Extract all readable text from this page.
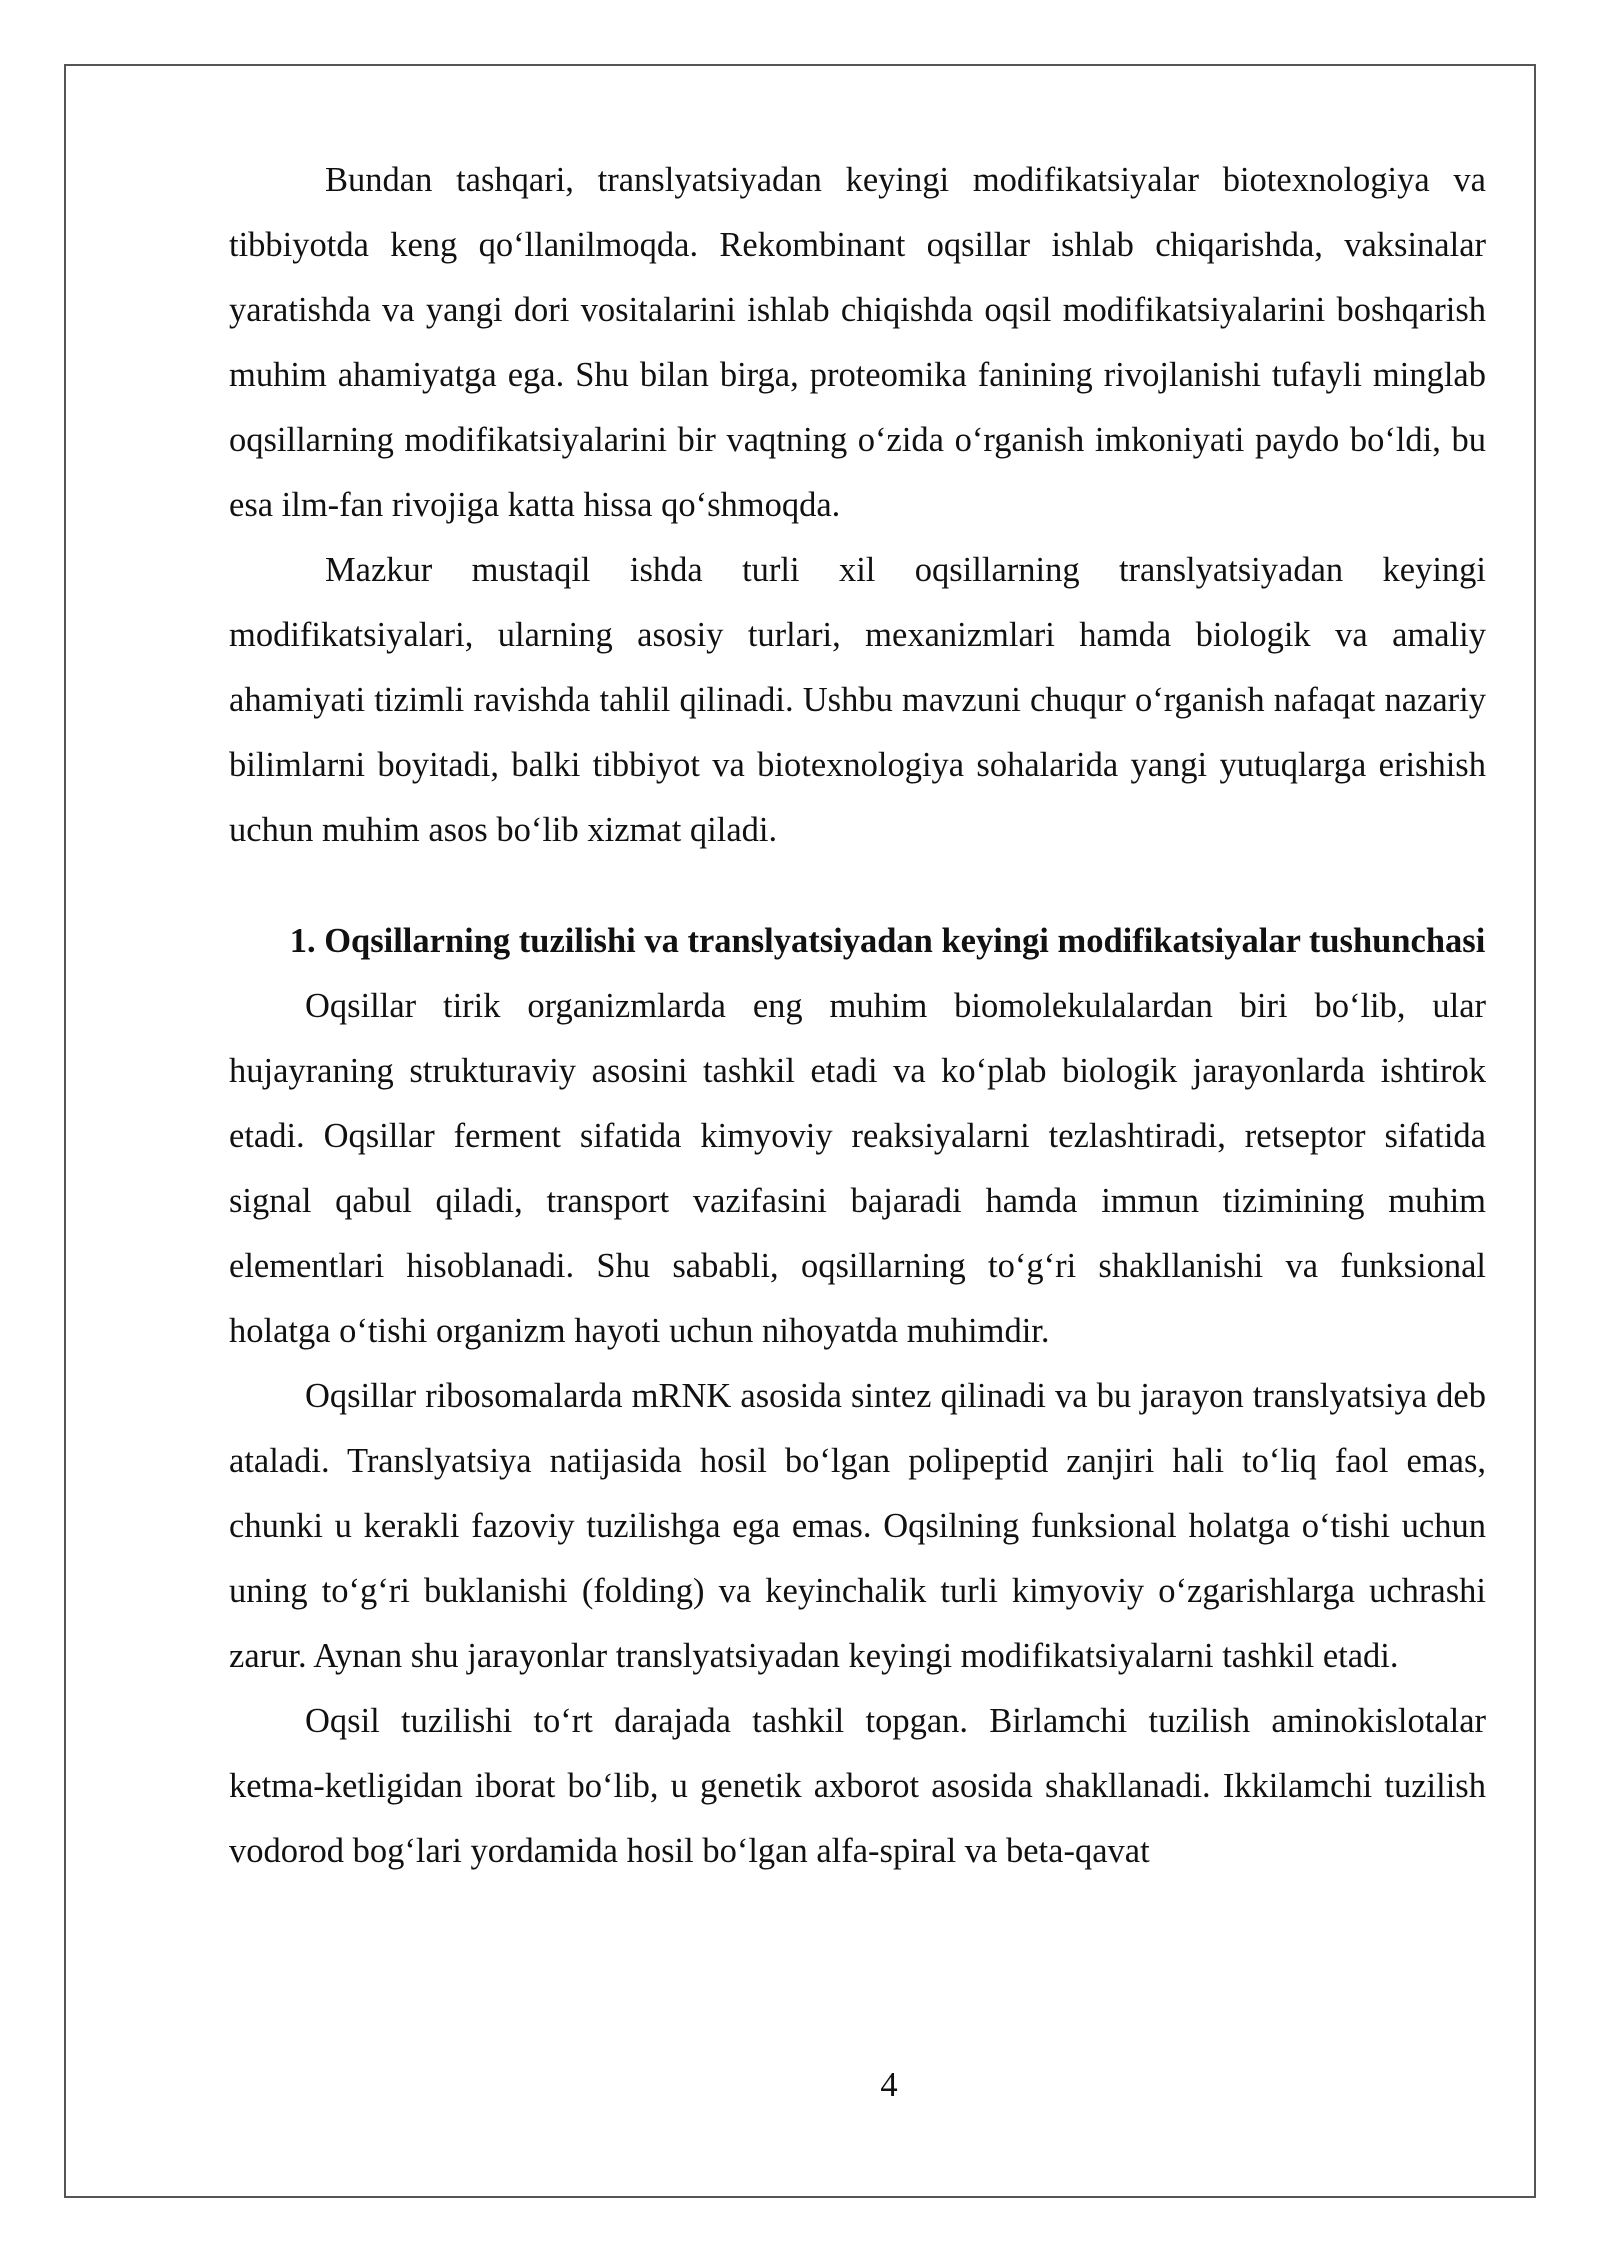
Bundan tashqari, translyatsiyadan keyingi modifikatsiyalar biotexnologiya va tibbiyotda keng qo‘llanilmoqda. Rekombinant oqsillar ishlab chiqarishda, vaksinalar yaratishda va yangi dori vositalarini ishlab chiqishda oqsil modifikatsiyalarini boshqarish muhim ahamiyatga ega. Shu bilan birga, proteomika fanining rivojlanishi tufayli minglab oqsillarning modifikatsiyalarini bir vaqtning o‘zida o‘rganish imkoniyati paydo bo‘ldi, bu esa ilm-fan rivojiga katta hissa qo‘shmoqda.

Mazkur mustaqil ishda turli xil oqsillarning translyatsiyadan keyingi modifikatsiyalari, ularning asosiy turlari, mexanizmlari hamda biologik va amaliy ahamiyati tizimli ravishda tahlil qilinadi. Ushbu mavzuni chuqur o‘rganish nafaqat nazariy bilimlarni boyitadi, balki tibbiyot va biotexnologiya sohalarida yangi yutuqlarga erishish uchun muhim asos bo‘lib xizmat qiladi.

1. Oqsillarning tuzilishi va translyatsiyadan keyingi modifikatsiyalar tushunchasi

Oqsillar tirik organizmlarda eng muhim biomolekulalardan biri bo‘lib, ular hujayraning strukturaviy asosini tashkil etadi va ko‘plab biologik jarayonlarda ishtirok etadi. Oqsillar ferment sifatida kimyoviy reaksiyalarni tezlashtiradi, retseptor sifatida signal qabul qiladi, transport vazifasini bajaradi hamda immun tizimining muhim elementlari hisoblanadi. Shu sababli, oqsillarning to‘g‘ri shakllanishi va funksional holatga o‘tishi organizm hayoti uchun nihoyatda muhimdir.

Oqsillar ribosomalarda mRNK asosida sintez qilinadi va bu jarayon translyatsiya deb ataladi. Translyatsiya natijasida hosil bo‘lgan polipeptid zanjiri hali to‘liq faol emas, chunki u kerakli fazoviy tuzilishga ega emas. Oqsilning funksional holatga o‘tishi uchun uning to‘g‘ri buklanishi (folding) va keyinchalik turli kimyoviy o‘zgarishlarga uchrashi zarur. Aynan shu jarayonlar translyatsiyadan keyingi modifikatsiyalarni tashkil etadi.

Oqsil tuzilishi to‘rt darajada tashkil topgan. Birlamchi tuzilish aminokislotalar ketma-ketligidan iborat bo‘lib, u genetik axborot asosida shakllanadi. Ikkilamchi tuzilish vodorod bog‘lari yordamida hosil bo‘lgan alfa-spiral va beta-qavat

4
